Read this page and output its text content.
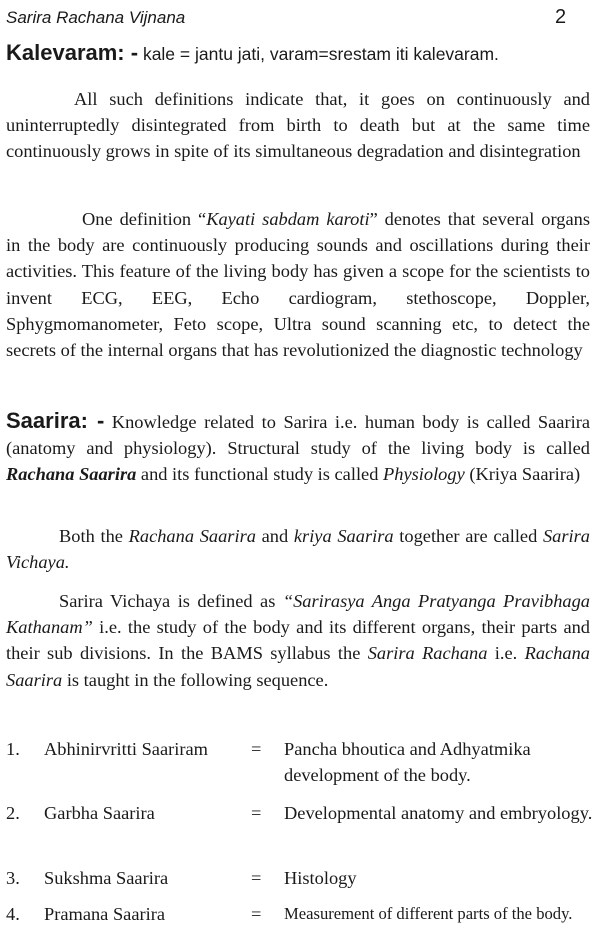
Sarira Rachana Vijnana	2

Kalevaram: - kale = jantu jati, varam=srestam iti kalevaram.

All such definitions indicate that, it goes on continuously and uninterruptedly disintegrated from birth to death but at the same time continuously grows in spite of its simultaneous degradation and disintegration

One definition “Kayati sabdam karoti” denotes that several organs in the body are continuously producing sounds and oscillations during their activities. This feature of the living body has given a scope for the scientists to invent ECG, EEG, Echo cardiogram, stethoscope, Doppler, Sphygmomanometer, Feto scope, Ultra sound scanning etc, to detect the secrets of the internal organs that has revolutionized the diagnostic technology

Saarira: - Knowledge related to Sarira i.e. human body is called Saarira (anatomy and physiology). Structural study of the living body is called Rachana Saarira and its functional study is called Physiology (Kriya Saarira)

Both the Rachana Saarira and kriya Saarira together are called Sarira Vichaya.

Sarira Vichaya is defined as “Sarirasya Anga Pratyanga Pravibhaga Kathanam” i.e. the study of the body and its different organs, their parts and their sub divisions. In the BAMS syllabus the Sarira Rachana i.e. Rachana Saarira is taught in the following sequence.

1. Abhinirvritti Saariram = Pancha bhoutica and Adhyatmika development of the body.
2. Garbha Saarira	= Developmental anatomy and embryology.
3. Sukshma Saarira	= Histology
4. Pramana Saarira	= Measurement of different parts of the body.
